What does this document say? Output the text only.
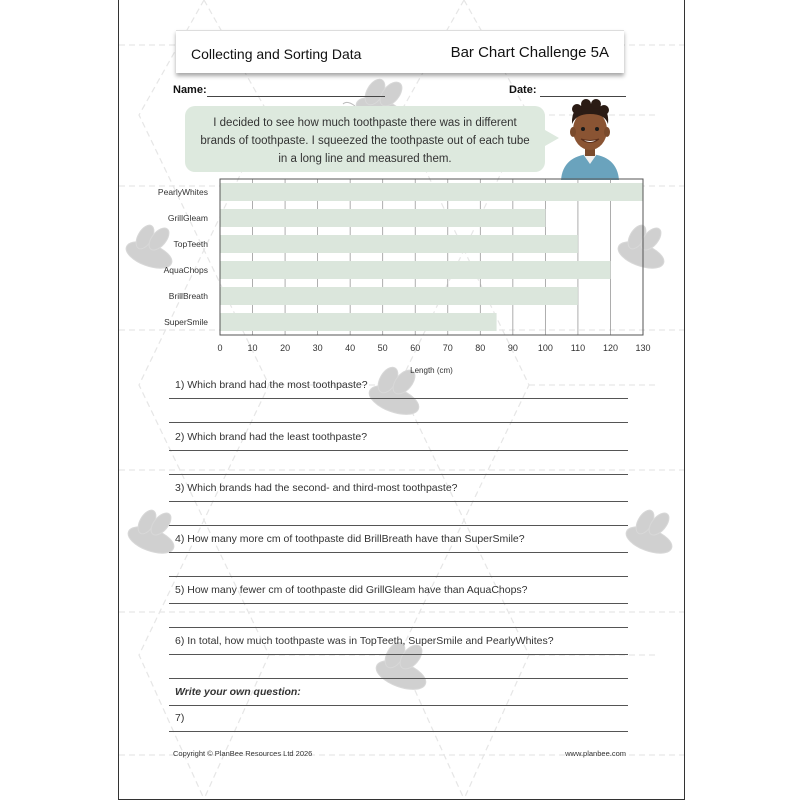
Collecting and Sorting Data	Bar Chart Challenge 5A
Name:	Date:
I decided to see how much toothpaste there was in different
brands of toothpaste. I squeezed the toothpaste out of each tube
in a long line and measured them.
PearlyWhites
GrillGleam
TopTeeth
AquaChops
BrillBreath
SuperSmile
0	10	20	30	40	50	60	70	80	90 100 110 120 130
Length (cm)
1) Which brand had the most toothpaste?
2) Which brand had the least toothpaste?
3) Which brands had the second- and third-most toothpaste?
4) How many more cm of toothpaste did BrillBreath have than SuperSmile?
5) How many fewer cm of toothpaste did GrillGleam have than AquaChops?
6) In total, how much toothpaste was in TopTeeth, SuperSmile and PearlyWhites?
Write your own question:
7)
Copyright © PlanBee Resources Ltd 2026	www.planbee.com
